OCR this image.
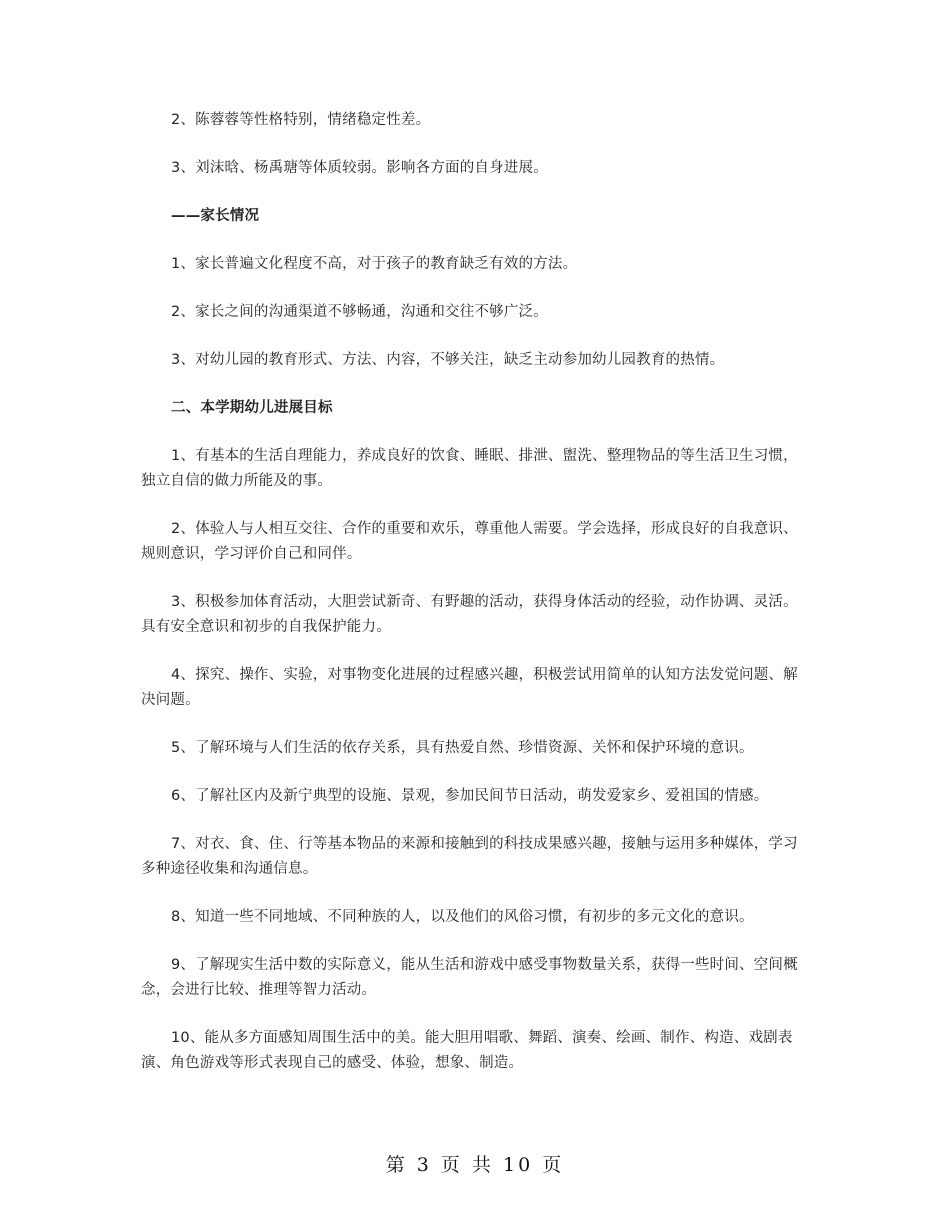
2、陈蓉蓉等性格特别，情绪稳定性差。

3、刘沫晗、杨禹瑭等体质较弱。影响各方面的自身进展。

——家长情况

1、家长普遍文化程度不高，对于孩子的教育缺乏有效的方法。

2、家长之间的沟通渠道不够畅通，沟通和交往不够广泛。

3、对幼儿园的教育形式、方法、内容，不够关注，缺乏主动参加幼儿园教育的热情。

二、本学期幼儿进展目标

1、有基本的生活自理能力，养成良好的饮食、睡眠、排泄、盥洗、整理物品的等生活卫生习惯，独立自信的做力所能及的事。

2、体验人与人相互交往、合作的重要和欢乐，尊重他人需要。学会选择，形成良好的自我意识、规则意识，学习评价自己和同伴。

3、积极参加体育活动，大胆尝试新奇、有野趣的活动，获得身体活动的经验，动作协调、灵活。具有安全意识和初步的自我保护能力。

4、探究、操作、实验，对事物变化进展的过程感兴趣，积极尝试用简单的认知方法发觉问题、解决问题。

5、了解环境与人们生活的依存关系，具有热爱自然、珍惜资源、关怀和保护环境的意识。

6、了解社区内及新宁典型的设施、景观，参加民间节日活动，萌发爱家乡、爱祖国的情感。

7、对衣、食、住、行等基本物品的来源和接触到的科技成果感兴趣，接触与运用多种媒体，学习多种途径收集和沟通信息。

8、知道一些不同地域、不同种族的人，以及他们的风俗习惯，有初步的多元文化的意识。

9、了解现实生活中数的实际意义，能从生活和游戏中感受事物数量关系，获得一些时间、空间概念，会进行比较、推理等智力活动。

10、能从多方面感知周围生活中的美。能大胆用唱歌、舞蹈、演奏、绘画、制作、构造、戏剧表演、角色游戏等形式表现自己的感受、体验，想象、制造。

第 3 页 共 10 页
